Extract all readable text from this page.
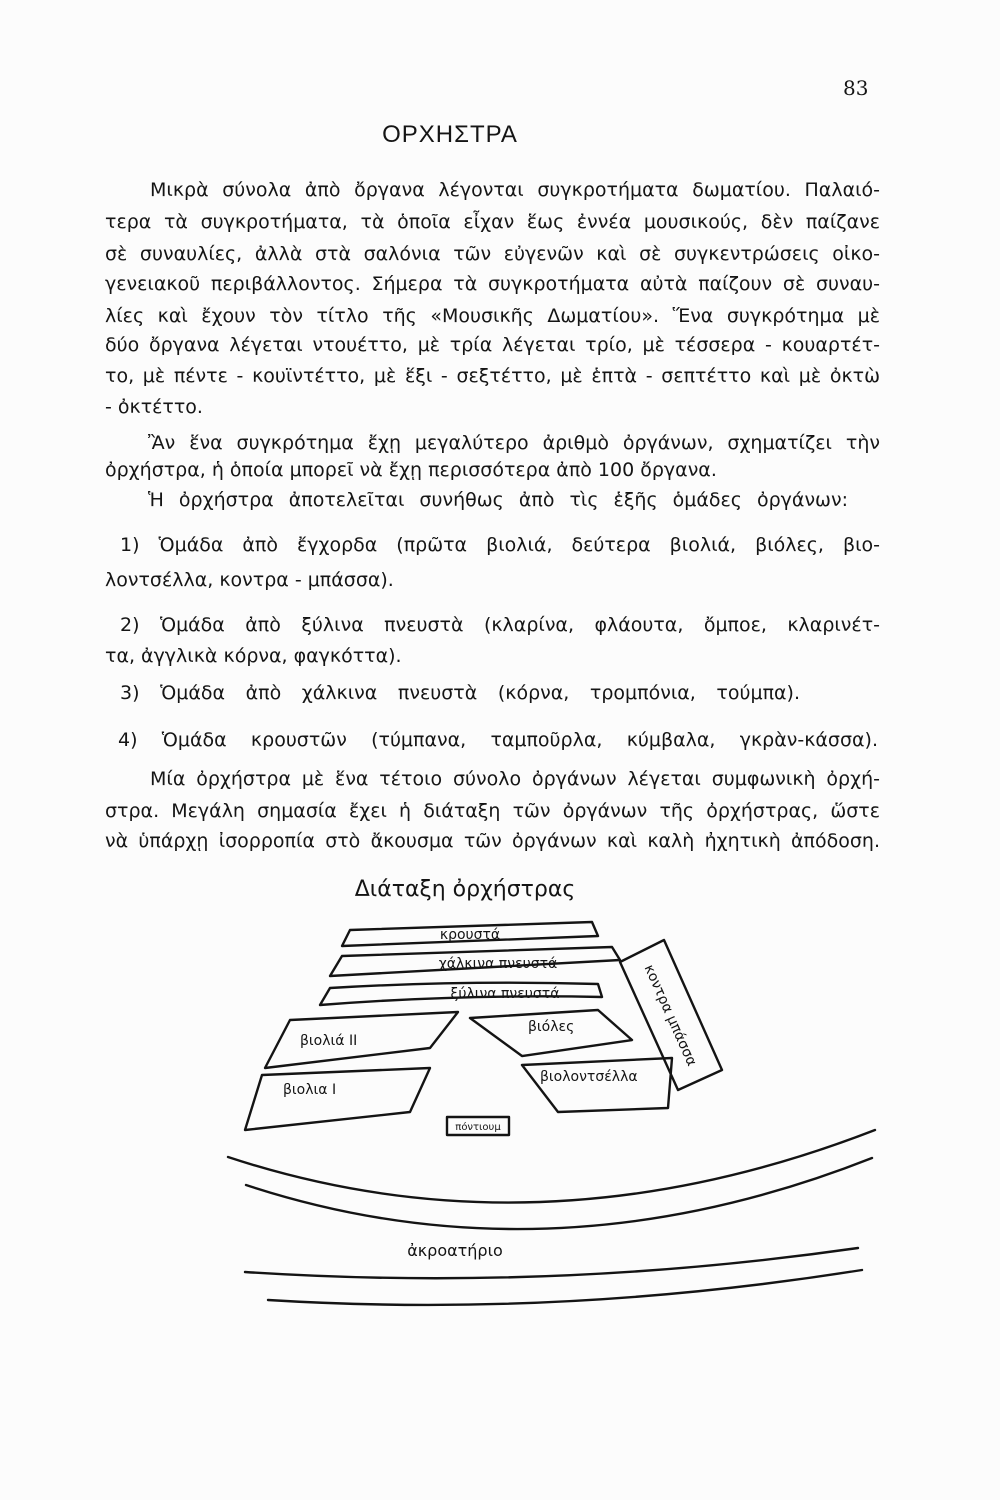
83
ΟΡΧΗΣΤΡΑ
Μικρὰ σύνολα ἀπὸ ὄργανα λέγονται συγκροτήματα δωματίου. Παλαιό-
τερα τὰ συγκροτήματα, τὰ ὁποῖα εἶχαν ἕως ἐννέα μουσικούς, δὲν παίζανε
σὲ συναυλίες, ἀλλὰ στὰ σαλόνια τῶν εὐγενῶν καὶ σὲ συγκεντρώσεις οἰκο-
γενειακοῦ περιβάλλοντος. Σήμερα τὰ συγκροτήματα αὐτὰ παίζουν σὲ συναυ-
λίες καὶ ἔχουν τὸν τίτλο τῆς «Μουσικῆς Δωματίου». Ἕνα συγκρότημα μὲ
δύο ὄργανα λέγεται ντουέττο, μὲ τρία λέγεται τρίο, μὲ τέσσερα - κουαρτέτ-
το, μὲ πέντε - κουϊντέττο, μὲ ἕξι - σεξτέττο, μὲ ἑπτὰ - σεπτέττο καὶ μὲ ὀκτὼ
- ὀκτέττο.
Ἂν ἕνα συγκρότημα ἔχῃ μεγαλύτερο ἀριθμὸ ὀργάνων, σχηματίζει τὴν
ὀρχήστρα, ἡ ὁποία μπορεῖ νὰ ἔχῃ περισσότερα ἀπὸ 100 ὄργανα.
Ἡ ὀρχήστρα ἀποτελεῖται συνήθως ἀπὸ τὶς ἑξῆς ὁμάδες ὀργάνων:
1) Ὁμάδα ἀπὸ ἔγχορδα (πρῶτα βιολιά, δεύτερα βιολιά, βιόλες, βιο-
λοντσέλλα, κοντρα - μπάσσα).
2) Ὁμάδα ἀπὸ ξύλινα πνευστὰ (κλαρίνα, φλάουτα, ὄμποε, κλαρινέτ-
τα, ἀγγλικὰ κόρνα, φαγκόττα).
3) Ὁμάδα ἀπὸ χάλκινα πνευστὰ (κόρνα, τρομπόνια, τούμπα).
4) Ὁμάδα κρουστῶν (τύμπανα, ταμποῦρλα, κύμβαλα, γκρὰν-κάσσα).
Μία ὀρχήστρα μὲ ἕνα τέτοιο σύνολο ὀργάνων λέγεται συμφωνικὴ ὀρχή-
στρα. Μεγάλη σημασία ἔχει ἡ διάταξη τῶν ὀργάνων τῆς ὀρχήστρας, ὥστε
νὰ ὑπάρχῃ ἰσορροπία στὸ ἄκουσμα τῶν ὀργάνων καὶ καλὴ ἠχητικὴ ἀπόδοση.
Διάταξη ὀρχήστρας
κρουστά
χάλκινα πνευστά
ξύλινα πνευστά	κοντρα μπάσσα
βιολιά ΙΙ
βιόλες
βιολοντσέλλα
βιολια Ι
πόντιουμ
ἀκροατήριο
